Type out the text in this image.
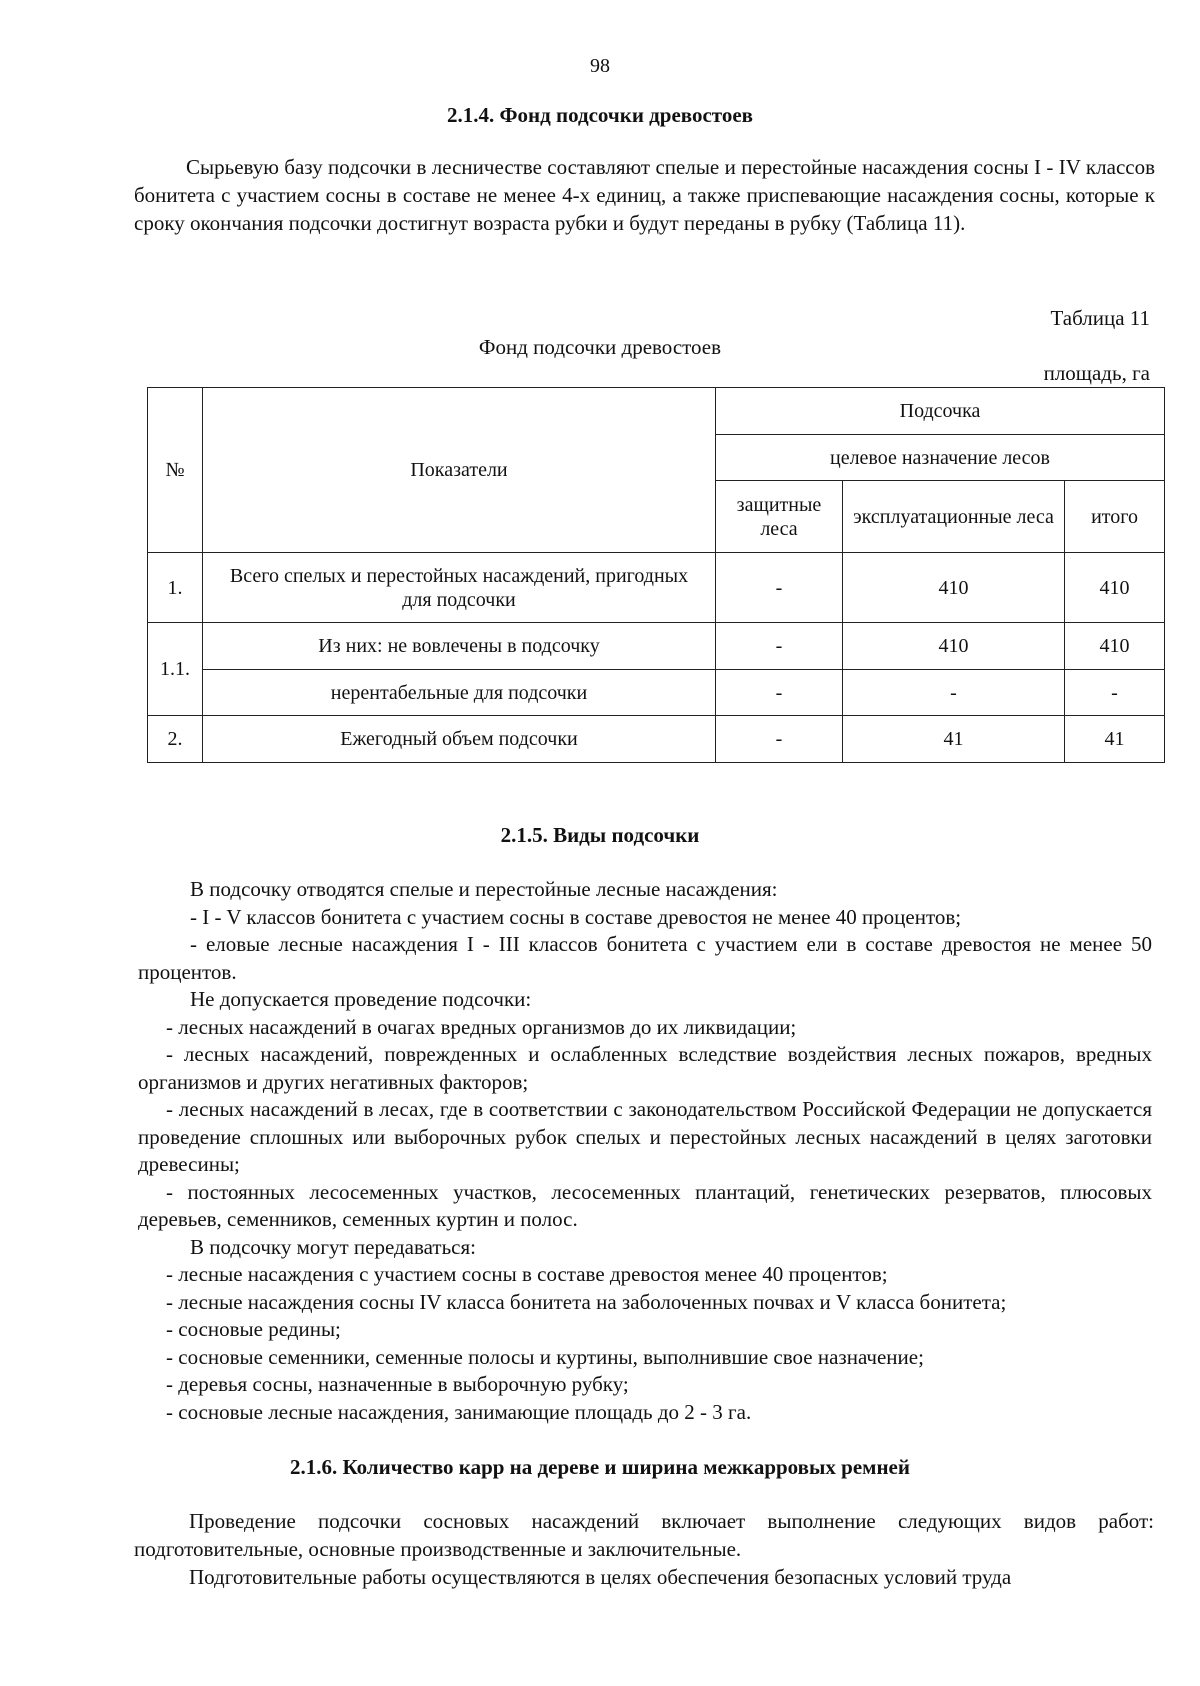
98
2.1.4. Фонд подсочки древостоев
Сырьевую базу подсочки в лесничестве составляют спелые и перестойные насаждения сосны I - IV классов бонитета с участием сосны в составе не менее 4-х единиц, а также приспевающие насаждения сосны, которые к сроку окончания подсочки достигнут возраста рубки и будут переданы в рубку (Таблица 11).
Таблица 11
Фонд подсочки древостоев
площадь, га
№	Показатели	Подсочка		
		целевое назначение лесов		
		защитные леса	эксплуатационные леса	итого
1.	Всего спелых и перестойных насаждений, пригодных для подсочки	-	410	410
1.1.	Из них: не вовлечены в подсочку	-	410	410
	нерентабельные для подсочки	-	-	-
2.	Ежегодный объем подсочки	-	41	41
2.1.5. Виды подсочки

В подсочку отводятся спелые и перестойные лесные насаждения:

- I - V классов бонитета с участием сосны в составе древостоя не менее 40 процентов;

- еловые лесные насаждения I - III классов бонитета с участием ели в составе древостоя не менее 50 процентов.

Не допускается проведение подсочки:

- лесных насаждений в очагах вредных организмов до их ликвидации;

- лесных насаждений, поврежденных и ослабленных вследствие воздействия лесных пожаров, вредных организмов и других негативных факторов;

- лесных насаждений в лесах, где в соответствии с законодательством Российской Федерации не допускается проведение сплошных или выборочных рубок спелых и перестойных лесных насаждений в целях заготовки древесины;

- постоянных лесосеменных участков, лесосеменных плантаций, генетических резерватов, плюсовых деревьев, семенников, семенных куртин и полос.

В подсочку могут передаваться:

- лесные насаждения с участием сосны в составе древостоя менее 40 процентов;

- лесные насаждения сосны IV класса бонитета на заболоченных почвах и V класса бонитета;

- сосновые редины;

- сосновые семенники, семенные полосы и куртины, выполнившие свое назначение;

- деревья сосны, назначенные в выборочную рубку;

- сосновые лесные насаждения, занимающие площадь до 2 - 3 га.

2.1.6. Количество карр на дереве и ширина межкарровых ремней

Проведение подсочки сосновых насаждений включает выполнение следующих видов работ: подготовительные, основные производственные и заключительные.

Подготовительные работы осуществляются в целях обеспечения безопасных условий труда
